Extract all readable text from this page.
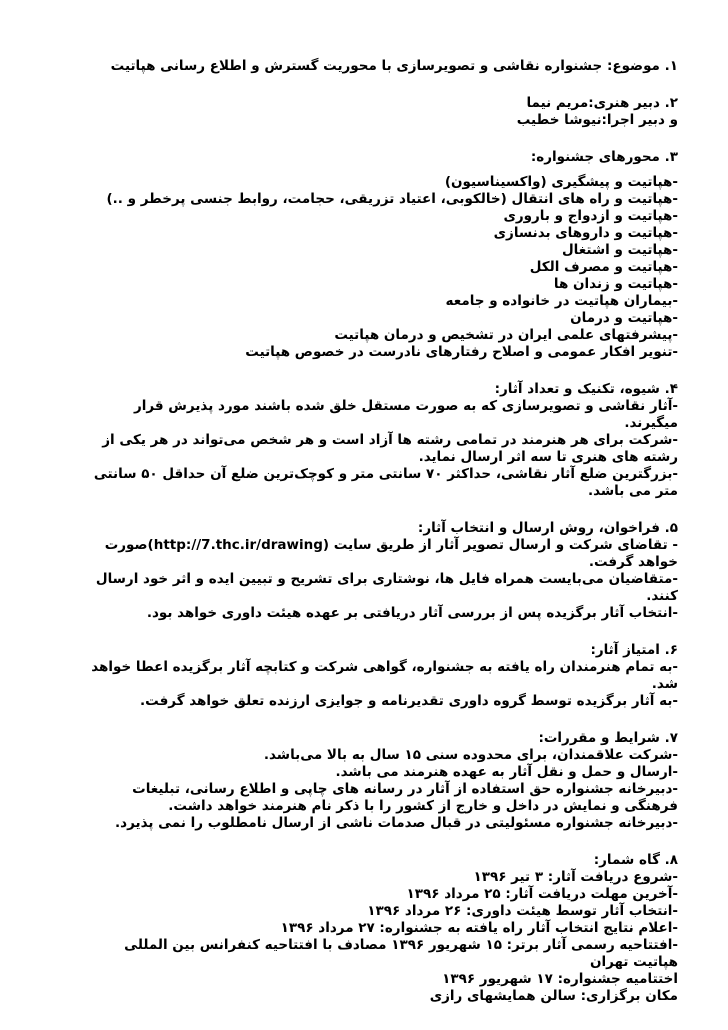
۱. موضوع: جشنواره نقاشی و تصویرسازی با محوریت گسترش و اطلاع رسانی هپاتیت
۲. دبیر هنری:مریم نیما
و دبیر اجرا:نیوشا خطیب
۳. محورهای جشنواره:
-هپاتیت و پیشگیری (واکسیناسیون)
-هپاتیت و راه های انتقال (خالکوبی، اعتیاد تزریقی، حجامت، روابط جنسی پرخطر و ..)
-هپاتیت و ازدواج و باروری
-هپاتیت و داروهای بدنسازی
-هپاتیت و اشتغال
-هپاتیت و مصرف الکل
-هپاتیت و زندان ها
-بیماران هپاتیت در خانواده و جامعه
-هپاتیت و درمان
-پیشرفتهای علمی ایران در تشخیص و درمان هپاتیت
-تنویر افکار عمومی و اصلاح رفتارهای نادرست در خصوص هپاتیت
۴. شیوه، تکنیک و تعداد آثار:
-آثار نقاشی و تصویرسازی که به صورت مستقل خلق شده باشند مورد پذیرش قرار میگیرند.
-شرکت برای هر هنرمند در تمامی رشته ها آزاد است و هر شخص می‌تواند در هر یکی از رشته های هنری تا سه اثر ارسال نماید.
-بزرگترین ضلع آثار نقاشی، حداکثر ۷۰ سانتی متر و کوچک‌ترین ضلع آن حداقل ۵۰ سانتی متر می باشد.
۵. فراخوان، روش ارسال و انتخاب آثار:
- تقاضای شرکت و ارسال تصویر آثار از طریق سایت (http://7.thc.ir/drawing)صورت خواهد گرفت.
-متقاضیان می‌بایست همراه فایل ها، نوشتاری برای تشریح و تبیین ایده و اثر خود ارسال کنند.
-انتخاب آثار برگزیده پس از بررسی آثار دریافتی بر عهده هیئت داوری خواهد بود.
۶. امتیاز آثار:
-به تمام هنرمندان راه یافته به جشنواره، گواهی شرکت و کتابچه آثار برگزیده اعطا خواهد شد.
-به آثار برگزیده توسط گروه داوری تقدیرنامه و جوایزی ارزنده تعلق خواهد گرفت.
۷. شرایط و مقررات:
-شرکت علاقمندان، برای محدوده سنی ۱۵ سال به بالا می‌باشد.
-ارسال و حمل و نقل آثار به عهده هنرمند می باشد.
-دبیرخانه جشنواره حق استفاده از آثار در رسانه های چاپی و اطلاع رسانی، تبلیغات فرهنگی و نمایش در داخل و خارج از کشور را با ذکر نام هنرمند خواهد داشت.
-دبیرخانه جشنواره مسئولیتی در قبال صدمات ناشی از ارسال نامطلوب را نمی پذیرد.
۸. گاه شمار:
-شروع دریافت آثار: ۳ تیر ۱۳۹۶
-آخرین مهلت دریافت آثار: ۲۵ مرداد ۱۳۹۶
-انتخاب آثار توسط هیئت داوری: ۲۶ مرداد ۱۳۹۶
-اعلام نتایج انتخاب آثار راه یافته به جشنواره: ۲۷ مرداد ۱۳۹۶
-افتتاحیه رسمی آثار برتر: ۱۵ شهریور ۱۳۹۶ مصادف با افتتاحیه کنفرانس بین المللی هپاتیت تهران
اختتامیه جشنواره: ۱۷ شهریور ۱۳۹۶
مکان برگزاری: سالن همایشهای رازی
